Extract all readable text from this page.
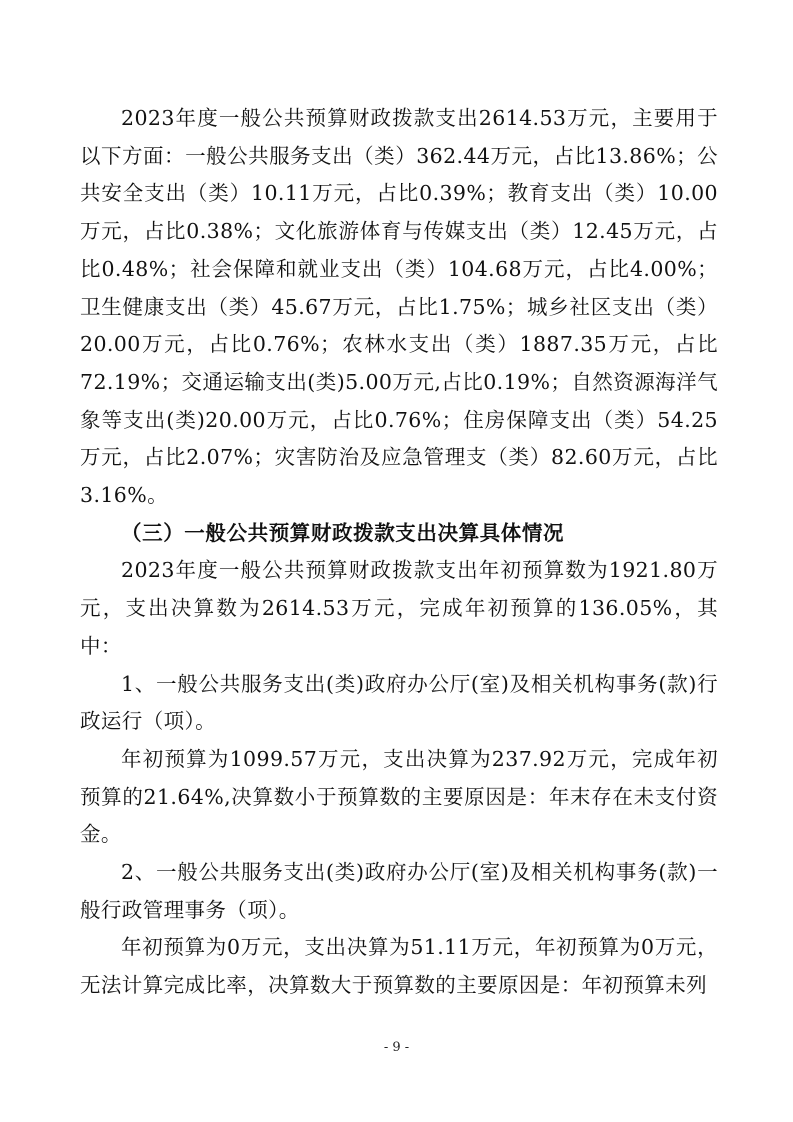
2023年度一般公共预算财政拨款支出2614.53万元，主要用于以下方面：一般公共服务支出（类）362.44万元，占比13.86%；公共安全支出（类）10.11万元，占比0.39%；教育支出（类）10.00万元，占比0.38%；文化旅游体育与传媒支出（类）12.45万元，占比0.48%；社会保障和就业支出（类）104.68万元，占比4.00%；卫生健康支出（类）45.67万元，占比1.75%；城乡社区支出（类）20.00万元，占比0.76%；农林水支出（类）1887.35万元，占比72.19%；交通运输支出(类)5.00万元,占比0.19%；自然资源海洋气象等支出(类)20.00万元，占比0.76%；住房保障支出（类）54.25万元，占比2.07%；灾害防治及应急管理支（类）82.60万元，占比3.16%。

（三）一般公共预算财政拨款支出决算具体情况

2023年度一般公共预算财政拨款支出年初预算数为1921.80万元，支出决算数为2614.53万元，完成年初预算的136.05%，其中：

1、一般公共服务支出(类)政府办公厅(室)及相关机构事务(款)行政运行（项）。

年初预算为1099.57万元，支出决算为237.92万元，完成年初预算的21.64%,决算数小于预算数的主要原因是：年末存在未支付资金。

2、一般公共服务支出(类)政府办公厅(室)及相关机构事务(款)一般行政管理事务（项）。

年初预算为0万元，支出决算为51.11万元，年初预算为0万元，无法计算完成比率，决算数大于预算数的主要原因是：年初预算未列

- 9 -
